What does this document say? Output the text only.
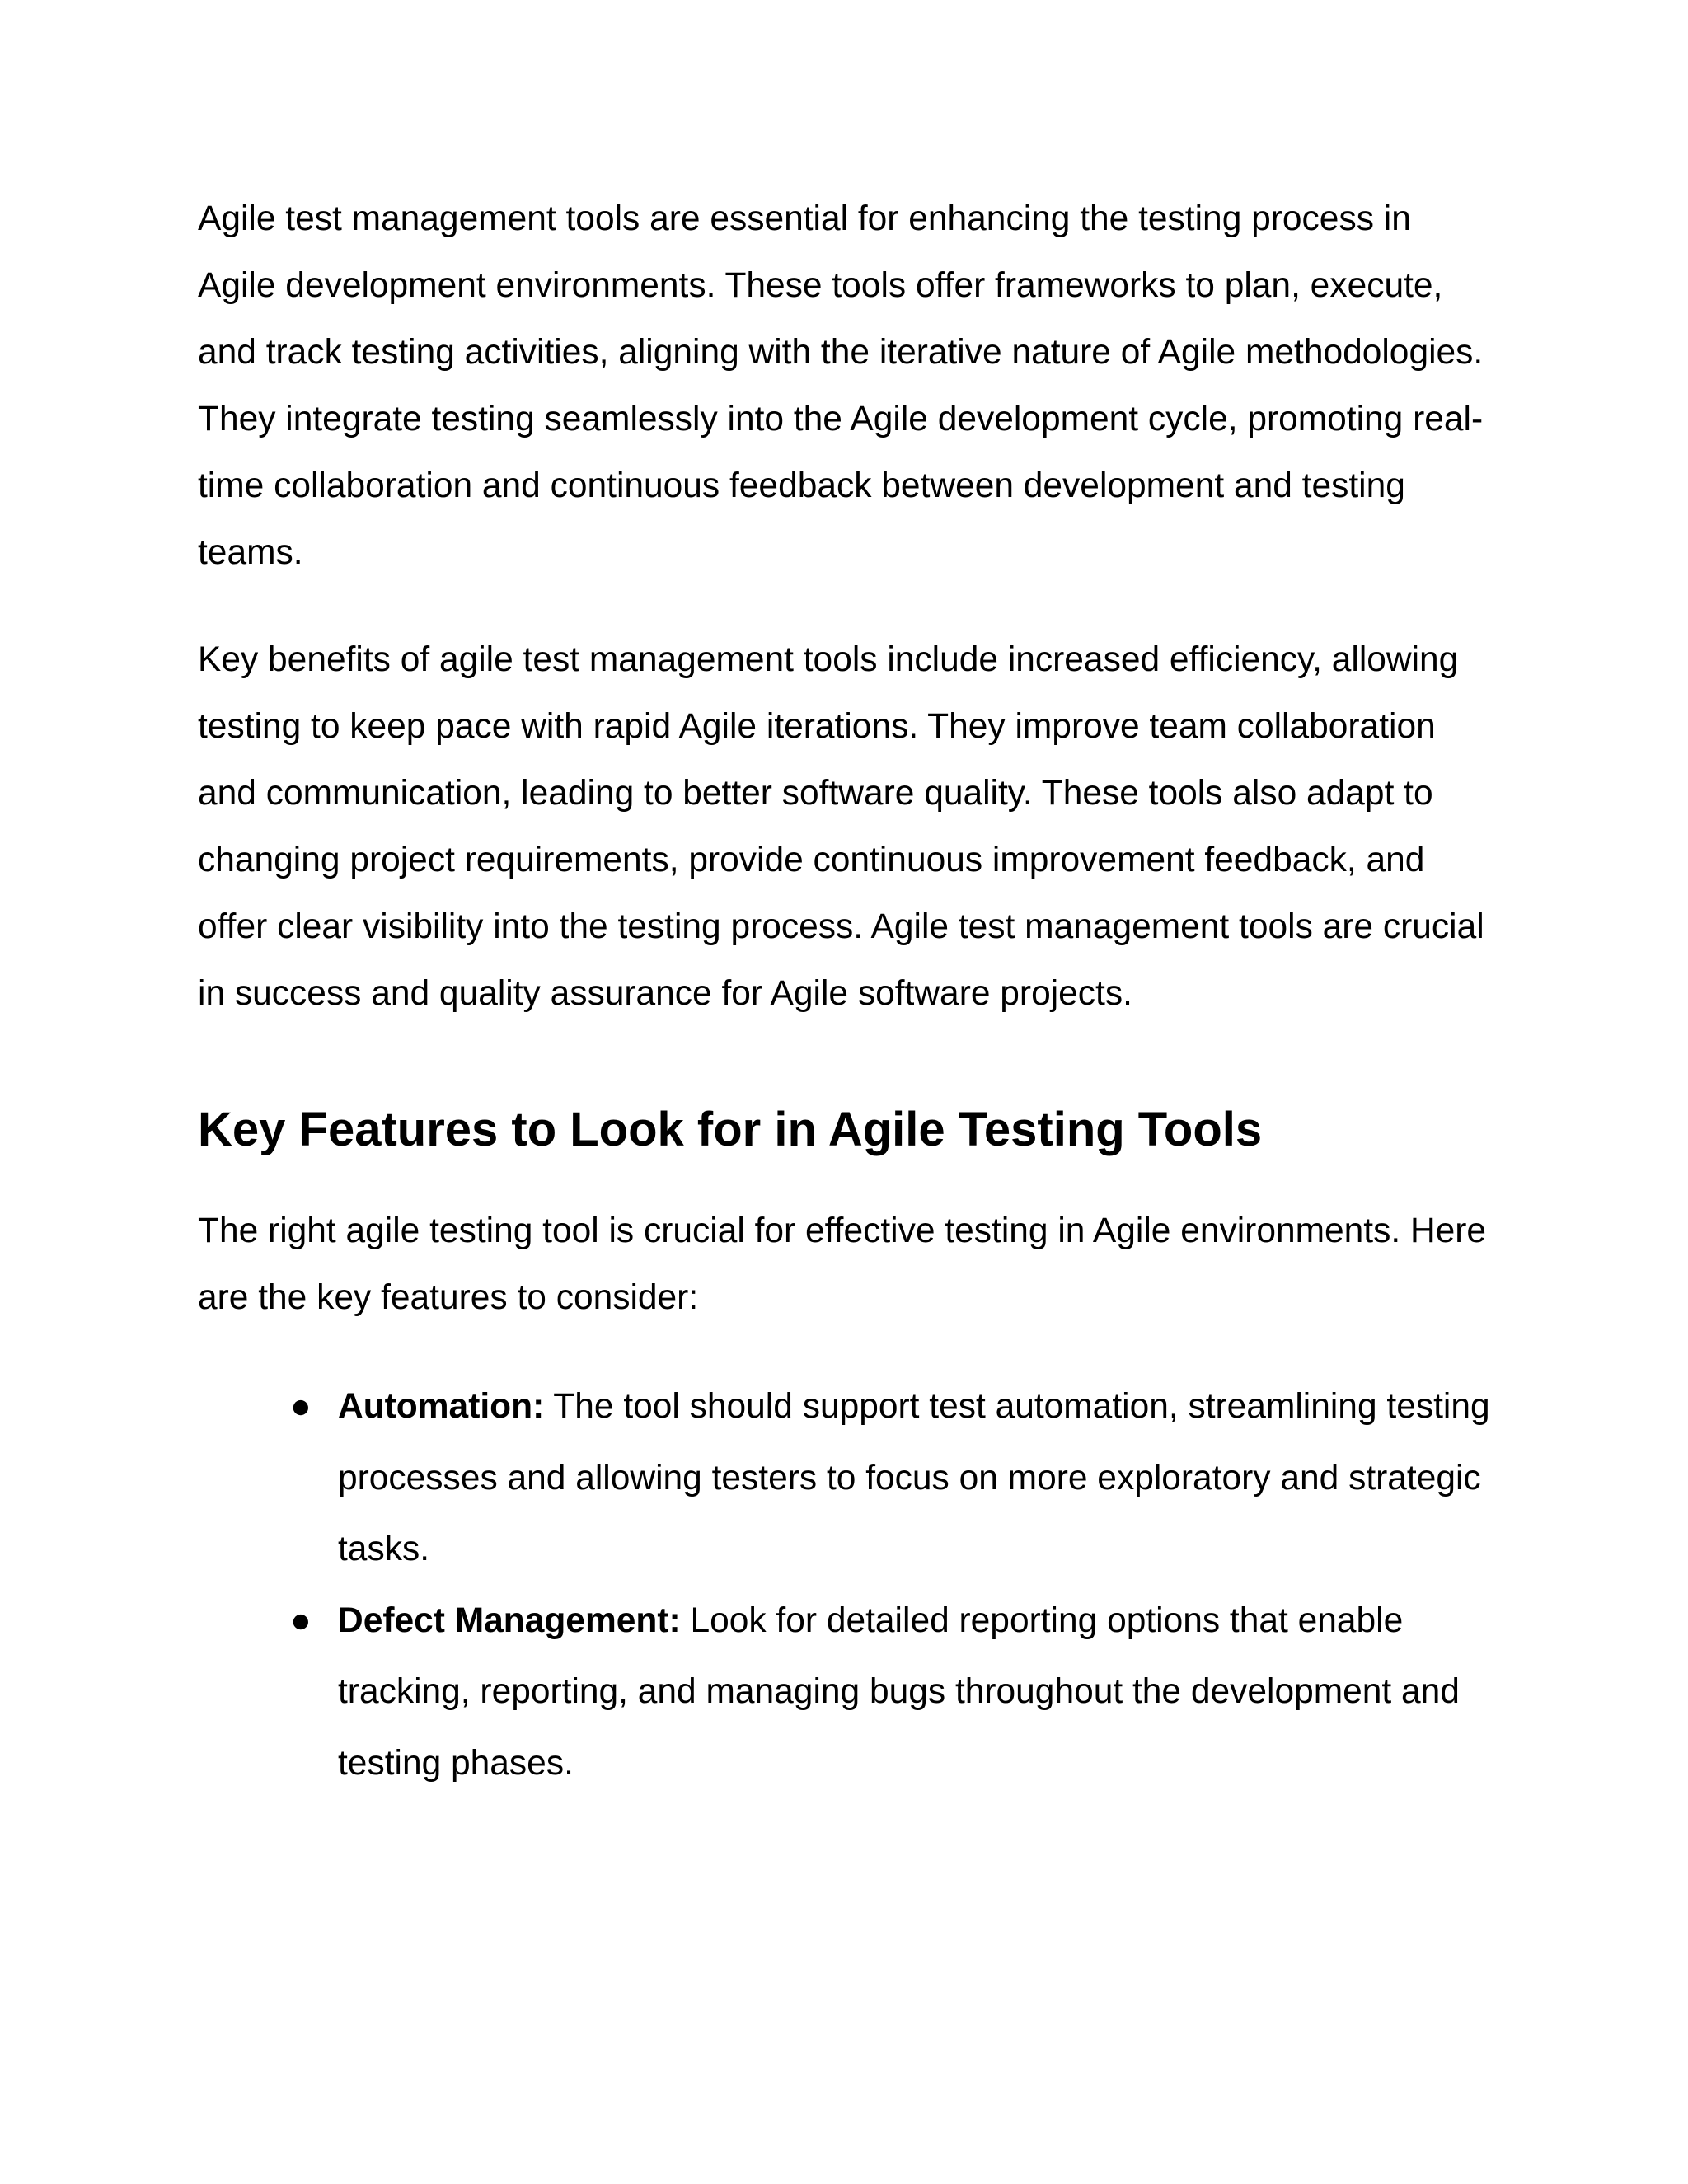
Agile test management tools are essential for enhancing the testing process in Agile development environments. These tools offer frameworks to plan, execute, and track testing activities, aligning with the iterative nature of Agile methodologies. They integrate testing seamlessly into the Agile development cycle, promoting real-time collaboration and continuous feedback between development and testing teams.

Key benefits of agile test management tools include increased efficiency, allowing testing to keep pace with rapid Agile iterations. They improve team collaboration and communication, leading to better software quality. These tools also adapt to changing project requirements, provide continuous improvement feedback, and offer clear visibility into the testing process. Agile test management tools are crucial in success and quality assurance for Agile software projects.

Key Features to Look for in Agile Testing Tools

The right agile testing tool is crucial for effective testing in Agile environments. Here are the key features to consider:

● Automation: The tool should support test automation, streamlining testing processes and allowing testers to focus on more exploratory and strategic tasks.
● Defect Management: Look for detailed reporting options that enable tracking, reporting, and managing bugs throughout the development and testing phases.
